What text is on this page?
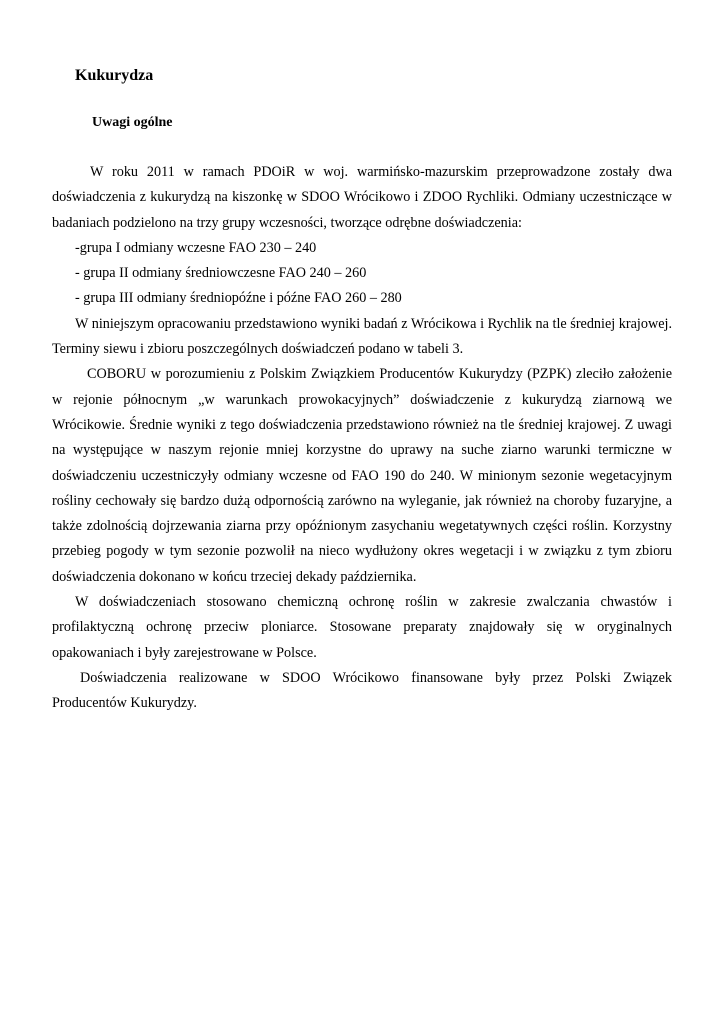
Kukurydza
Uwagi ogólne

W roku 2011 w ramach PDOiR w woj. warmińsko-mazurskim przeprowadzone zostały dwa doświadczenia z kukurydzą na kiszonkę w SDOO Wrócikowo i ZDOO Rychliki. Odmiany uczestniczące w badaniach podzielono na trzy grupy wczesności, tworzące odrębne doświadczenia:

-grupa I odmiany wczesne FAO 230 – 240

- grupa II odmiany średniowczesne FAO 240 – 260

- grupa III odmiany średniopóźne i późne FAO 260 – 280

W niniejszym opracowaniu przedstawiono wyniki badań z Wrócikowa i Rychlik na tle średniej krajowej. Terminy siewu i zbioru poszczególnych doświadczeń podano w tabeli 3.

COBORU w porozumieniu z Polskim Związkiem Producentów Kukurydzy (PZPK) zleciło założenie w rejonie północnym „w warunkach prowokacyjnych” doświadczenie z kukurydzą ziarnową we Wrócikowie. Średnie wyniki z tego doświadczenia przedstawiono również na tle średniej krajowej. Z uwagi na występujące w naszym rejonie mniej korzystne do uprawy na suche ziarno warunki termiczne w doświadczeniu uczestniczyły odmiany wczesne od FAO 190 do 240. W minionym sezonie wegetacyjnym rośliny cechowały się bardzo dużą odpornością zarówno na wyleganie, jak również na choroby fuzaryjne, a także zdolnością dojrzewania ziarna przy opóźnionym zasychaniu wegetatywnych części roślin. Korzystny przebieg pogody w tym sezonie pozwolił na nieco wydłużony okres wegetacji i w związku z tym zbioru doświadczenia dokonano w końcu trzeciej dekady października.

W doświadczeniach stosowano chemiczną ochronę roślin w zakresie zwalczania chwastów i profilaktyczną ochronę przeciw ploniarce. Stosowane preparaty znajdowały się w oryginalnych opakowaniach i były zarejestrowane w Polsce.

Doświadczenia realizowane w SDOO Wrócikowo finansowane były przez Polski Związek Producentów Kukurydzy.
